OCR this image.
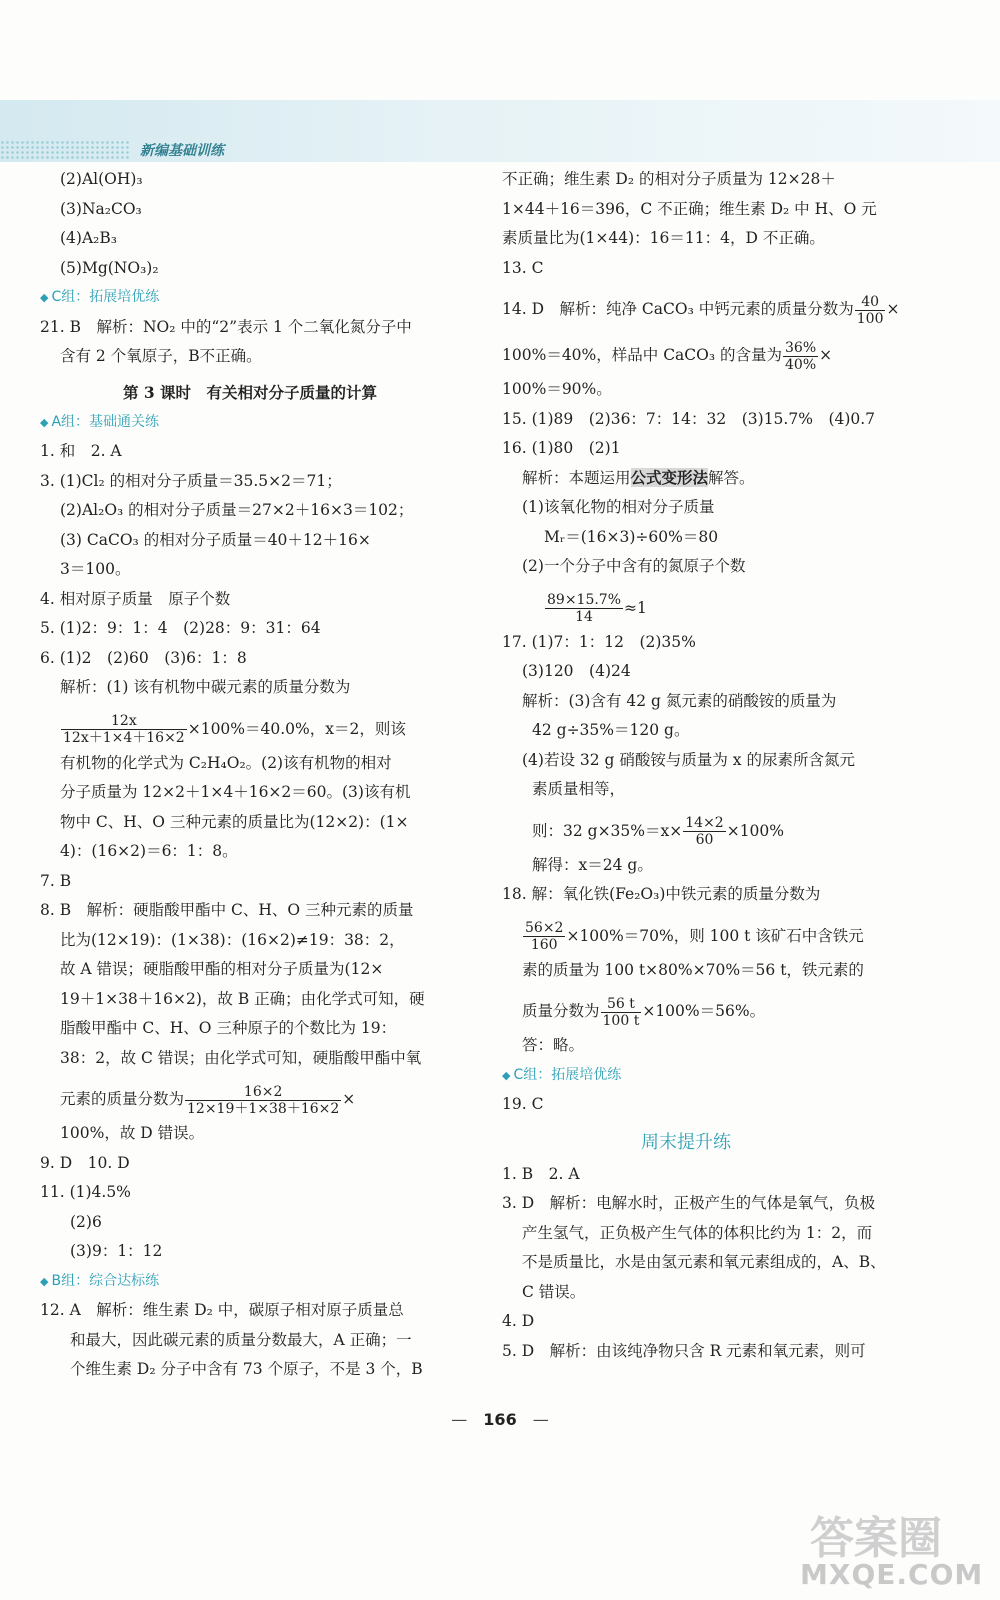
新编基础训练
(2)Al(OH)₃
(3)Na₂CO₃
(4)A₂B₃
(5)Mg(NO₃)₂
◆ C组：拓展培优练
21. B　解析：NO₂ 中的“2”表示 1 个二氧化氮分子中
含有 2 个氧原子，B不正确。
第 3 课时　有关相对分子质量的计算
◆ A组：基础通关练
1. 和　2. A
3. (1)Cl₂ 的相对分子质量＝35.5×2＝71；
(2)Al₂O₃ 的相对分子质量＝27×2＋16×3＝102；
(3) CaCO₃ 的相对分子质量＝40＋12＋16×
3＝100。
4. 相对原子质量　原子个数
5. (1)2：9：1：4　(2)28：9：31：64
6. (1)2　(2)60　(3)6：1：8
解析：(1) 该有机物中碳元素的质量分数为
$\frac{12x}{12x+1\times 4+16\times 2} \times 100\%=40.0\%$，x＝2，则该
有机物的化学式为 C₂H₄O₂。(2)该有机物的相对
分子质量为 12×2＋1×4＋16×2＝60。(3)该有机
物中 C、H、O 三种元素的质量比为(12×2)：(1×
4)：(16×2)＝6：1：8。
7. B
8. B　解析：硬脂酸甲酯中 C、H、O 三种元素的质量
比为(12×19)：(1×38)：(16×2)≠19：38：2，
故 A 错误；硬脂酸甲酯的相对分子质量为(12×
19＋1×38＋16×2)，故 B 正确；由化学式可知，硬
脂酸甲酯中 C、H、O 三种原子的个数比为 19：
38：2，故 C 错误；由化学式可知，硬脂酸甲酯中氧
元素的质量分数为 $\frac{16\times 2}{12\times 19+1\times 38+16\times 2}$ ×
100%，故 D 错误。
9. D　10. D
11. (1)4.5%
(2)6
(3)9：1：12
◆ B组：综合达标练
12. A　解析：维生素 D₂ 中，碳原子相对原子质量总
和最大，因此碳元素的质量分数最大，A 正确；一
个维生素 D₂ 分子中含有 73 个原子，不是 3 个，B
不正确；维生素 D₂ 的相对分子质量为 12×28＋
1×44＋16＝396，C 不正确；维生素 D₂ 中 H、O 元
素质量比为(1×44)：16＝11：4，D 不正确。
13. C
14. D　解析：纯净 CaCO₃ 中钙元素的质量分数为 $\frac{40}{100}$ ×
100%＝40%，样品中 CaCO₃ 的含量为 $\frac{36\%}{40\%}$ ×
100%＝90%。
15. (1)89　(2)36：7：14：32　(3)15.7%　(4)0.7
16. (1)80　(2)1
解析：本题运用公式变形法解答。
(1)该氧化物的相对分子质量
Mᵣ＝(16×3)÷60%＝80
(2)一个分子中含有的氮原子个数
$\frac{89\times 15.7\%}{14} \approx 1$
17. (1)7：1：12　(2)35%
(3)120　(4)24
解析：(3)含有 42 g 氮元素的硝酸铵的质量为
42 g÷35%＝120 g。
(4)若设 32 g 硝酸铵与质量为 x 的尿素所含氮元
素质量相等，
则：32 $g\times 35\%=x\times \frac{14\times 2}{60} \times 100\%$
解得：x＝24 g。
18. 解：氧化铁(Fe₂O₃)中铁元素的质量分数为
$\frac{56\times 2}{160} \times 100\%=70\%$，则 100 t 该矿石中含铁元
素的质量为 100 t×80%×70%＝56 t，铁元素的
质量分数为 $\frac{56 t}{100 t} \times 100\%=56\%$。
答：略。
◆ C组：拓展培优练
19. C
周末提升练
1. B　2. A
3. D　解析：电解水时，正极产生的气体是氧气，负极
产生氢气，正负极产生气体的体积比约为 1：2，而
不是质量比，水是由氢元素和氧元素组成的，A、B、
C 错误。
4. D
5. D　解析：由该纯净物只含 R 元素和氧元素，则可
—　166　—
答案圈
MXQE.COM
